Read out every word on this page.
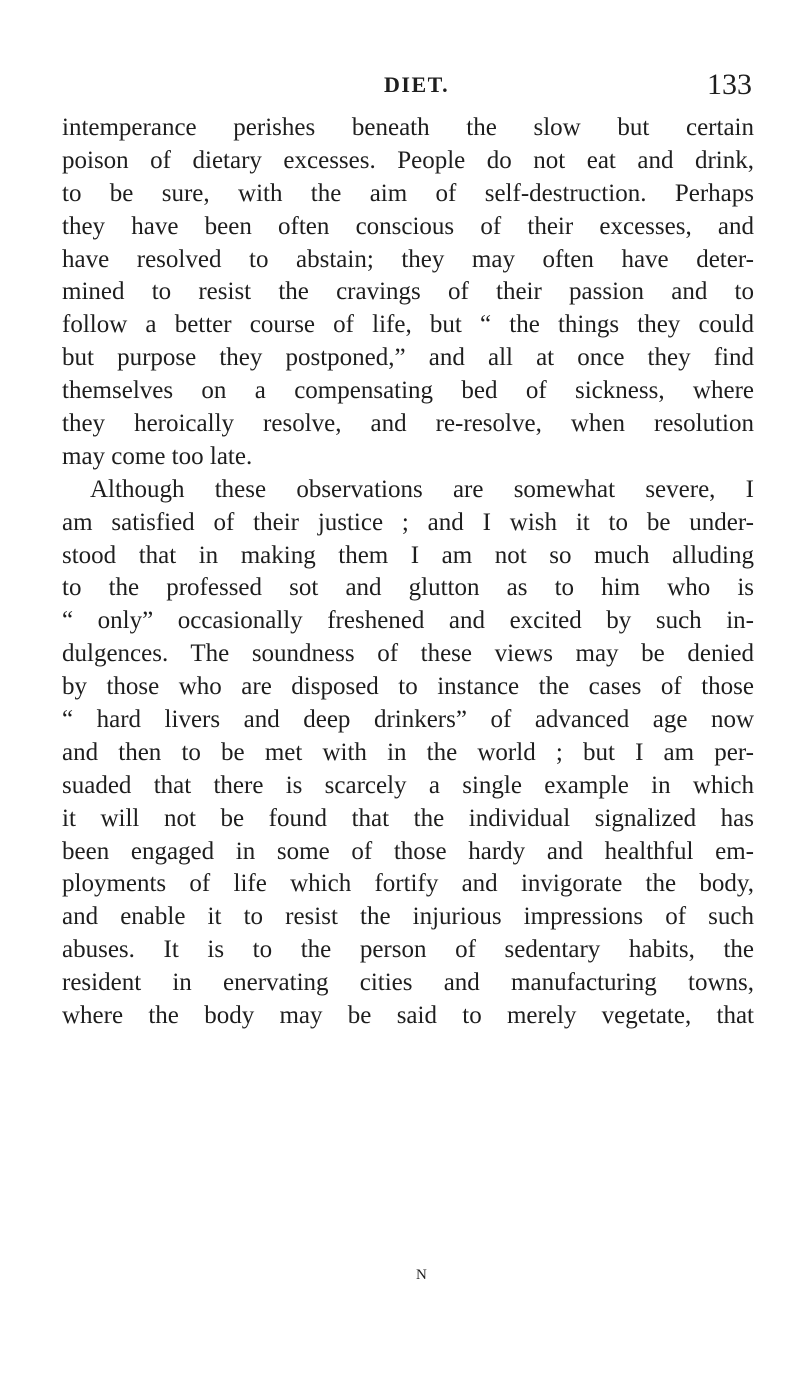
DIET.	133
intemperance perishes beneath the slow but certain
poison of dietary excesses. People do not eat and drink,
to be sure, with the aim of self-destruction. Perhaps
they have been often conscious of their excesses, and
have resolved to abstain; they may often have deter-
mined to resist the cravings of their passion and to
follow a better course of life, but “ the things they could
but purpose they postponed,” and all at once they find
themselves on a compensating bed of sickness, where
they heroically resolve, and re-resolve, when resolution
may come too late.
Although these observations are somewhat severe, I
am satisfied of their justice ; and I wish it to be under-
stood that in making them I am not so much alluding
to the professed sot and glutton as to him who is
“ only” occasionally freshened and excited by such in-
dulgences. The soundness of these views may be denied
by those who are disposed to instance the cases of those
“ hard livers and deep drinkers” of advanced age now
and then to be met with in the world ; but I am per-
suaded that there is scarcely a single example in which
it will not be found that the individual signalized has
been engaged in some of those hardy and healthful em-
ployments of life which fortify and invigorate the body,
and enable it to resist the injurious impressions of such
abuses. It is to the person of sedentary habits, the
resident in enervating cities and manufacturing towns,
where the body may be said to merely vegetate, that
N
